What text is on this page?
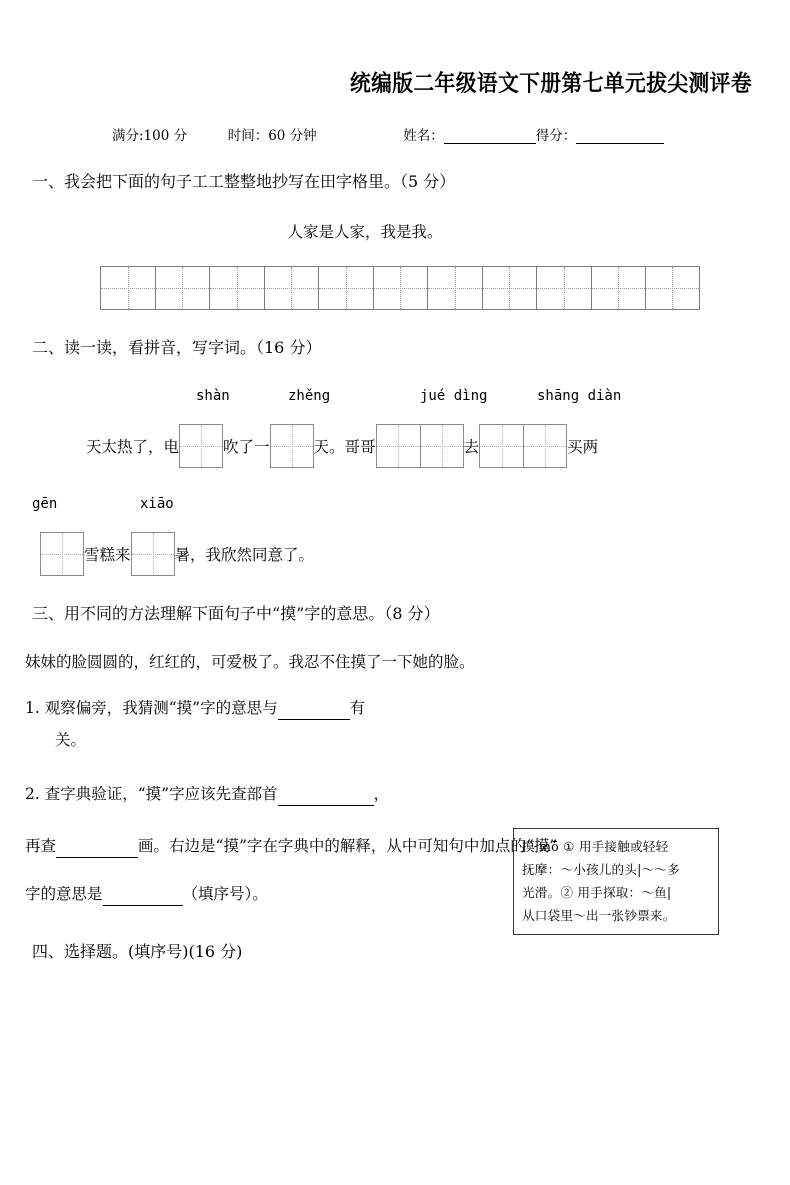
统编版二年级语文下册第七单元拔尖测评卷
满分:100 分	时间：60 分钟	姓名：	得分：
一、我会把下面的句子工工整整地抄写在田字格里。（5 分）
人家是人家，我是我。
二、读一读，看拼音，写字词。（16 分）
shàn	zhěng	jué dìng	shāng diàn
天太热了，电	吹了一	天。哥哥	去	买两
gēn	xiāo
雪糕来	暑，我欣然同意了。
三、用不同的方法理解下面句子中“摸”字的意思。（8 分）
妹妹的脸圆圆的，红红的，可爱极了。我忍不住摸了一下她的脸。
1. 观察偏旁，我猜测“摸”字的意思与	有
关。
2. 查字典验证，“摸”字应该先查部首	，
再查	画。右边是“摸”字在字典中的解释，从中可知句中加点的“摸”
字的意思是	（填序号）。
摸 mō ① 用手接触或轻轻
抚摩：～小孩儿的头|～～多
光滑。② 用手探取：～鱼|
从口袋里～出一张钞票来。
四、选择题。(填序号)(16 分)
